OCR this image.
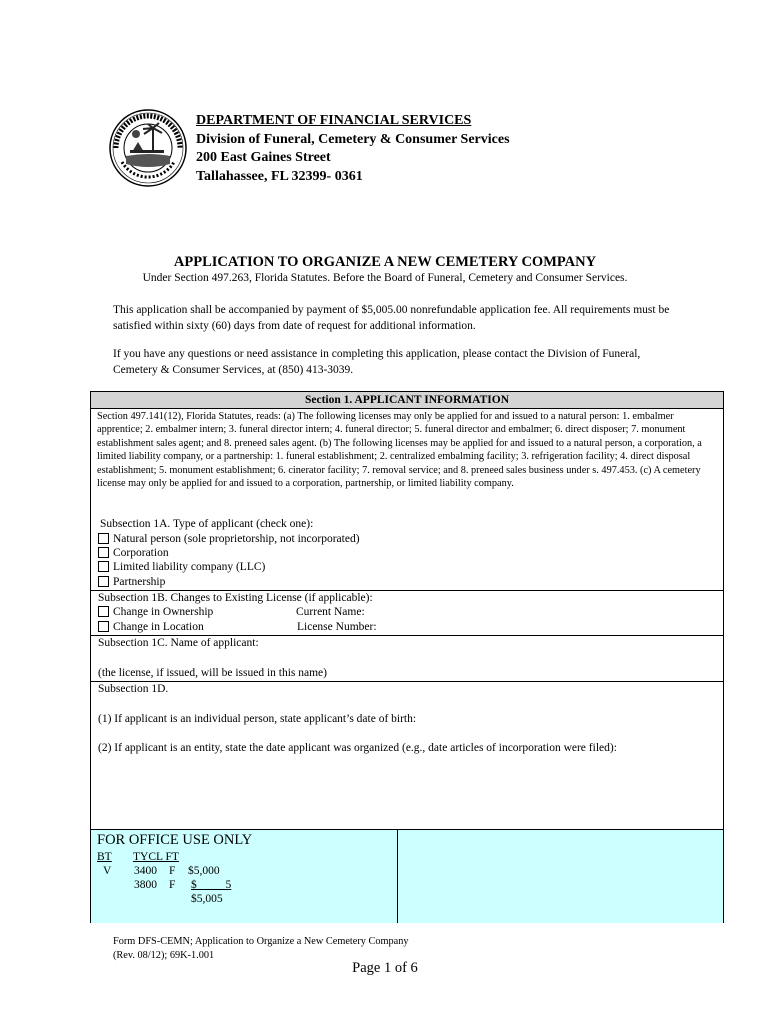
DEPARTMENT OF FINANCIAL SERVICES
Division of Funeral, Cemetery & Consumer Services
200 East Gaines Street
Tallahassee, FL 32399- 0361
APPLICATION TO ORGANIZE A NEW CEMETERY COMPANY
Under Section 497.263, Florida Statutes. Before the Board of Funeral, Cemetery and Consumer Services.
This application shall be accompanied by payment of $5,005.00 nonrefundable application fee. All requirements must be satisfied within sixty (60) days from date of request for additional information.
If you have any questions or need assistance in completing this application, please contact the Division of Funeral, Cemetery & Consumer Services, at (850) 413-3039.
Section 1. APPLICANT INFORMATION
Section 497.141(12), Florida Statutes, reads: (a) The following licenses may only be applied for and issued to a natural person: 1. embalmer apprentice; 2. embalmer intern; 3. funeral director intern; 4. funeral director; 5. funeral director and embalmer; 6. direct disposer; 7. monument establishment sales agent; and 8. preneed sales agent. (b) The following licenses may be applied for and issued to a natural person, a corporation, a limited liability company, or a partnership: 1. funeral establishment; 2. centralized embalming facility; 3. refrigeration facility; 4. direct disposal establishment; 5. monument establishment; 6. cinerator facility; 7. removal service; and 8. preneed sales business under s. 497.453. (c) A cemetery license may only be applied for and issued to a corporation, partnership, or limited liability company.
Subsection 1A. Type of applicant (check one):
Natural person (sole proprietorship, not incorporated)
Corporation
Limited liability company (LLC)
Partnership
Subsection 1B. Changes to Existing License (if applicable):
Change in Ownership
Change in Location
Current Name:
License Number:
Subsection 1C. Name of applicant:
(the license, if issued, will be issued in this name)
Subsection 1D.
(1) If applicant is an individual person, state applicant’s date of birth:
(2) If applicant is an entity, state the date applicant was organized (e.g., date articles of incorporation were filed):
FOR OFFICE USE ONLY
BT TYCL FT
V 3400 F $5,000
3800 F $          5
$5,005
Form DFS-CEMN; Application to Organize a New Cemetery Company
(Rev. 08/12); 69K-1.001
Page 1 of 6
